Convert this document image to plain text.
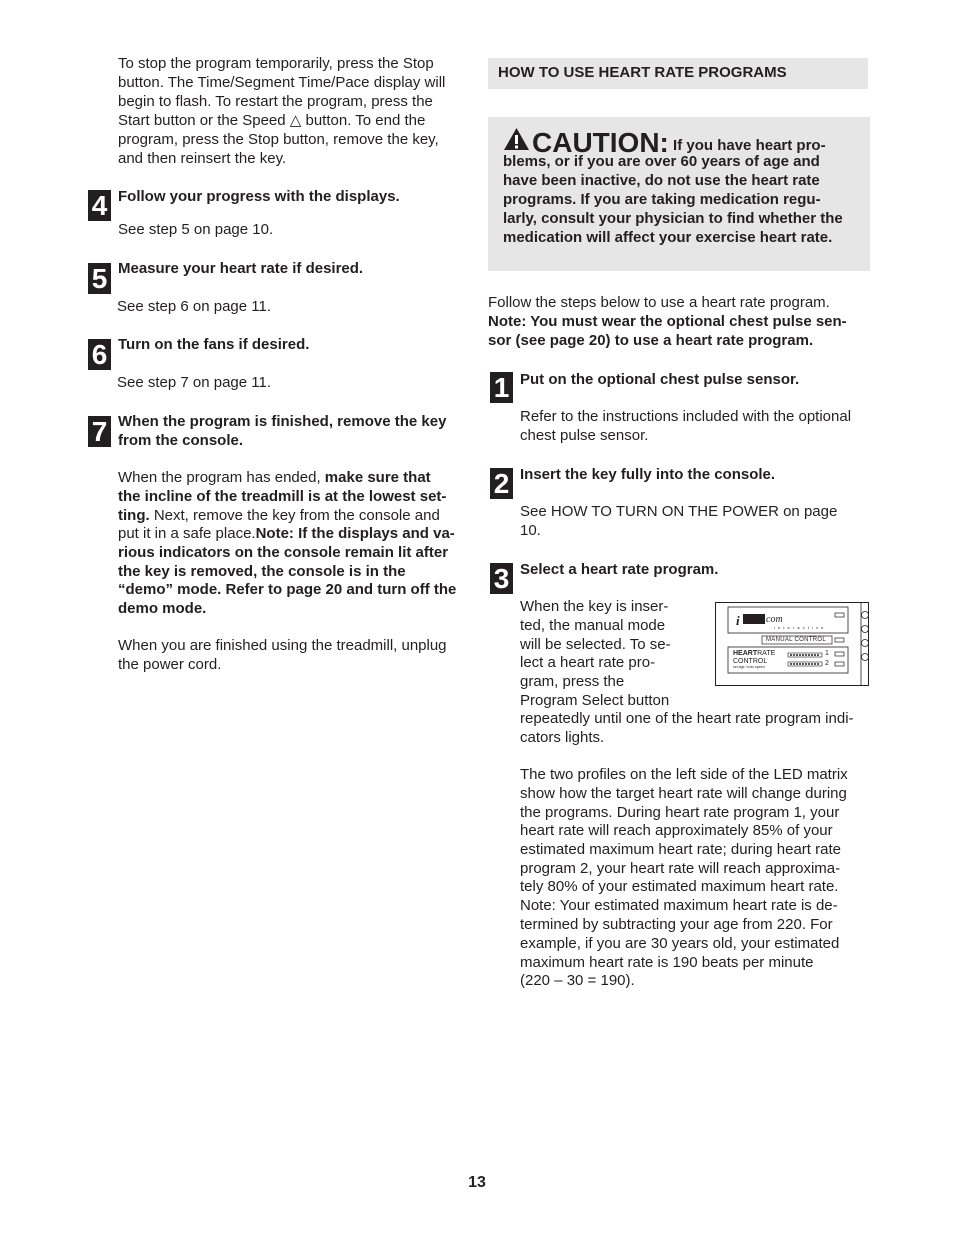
To stop the program temporarily, press the Stop
button. The Time/Segment Time/Pace display will
begin to flash. To restart the program, press the
Start button or the Speed △ button. To end the
program, press the Stop button, remove the key,
and then reinsert the key.
4 Follow your progress with the displays.
See step 5 on page 10.
5 Measure your heart rate if desired.
See step 6 on page 11.
6 Turn on the fans if desired.
See step 7 on page 11.
7 When the program is finished, remove the key
from the console.
When the program has ended, make sure that
the incline of the treadmill is at the lowest set-
ting. Next, remove the key from the console and
put it in a safe place.Note: If the displays and va-
rious indicators on the console remain lit after
the key is removed, the console is in the
“demo” mode. Refer to page 20 and turn off the
demo mode.
When you are finished using the treadmill, unplug
the power cord.
HOW TO USE HEART RATE PROGRAMS
CAUTION: If you have heart pro-
blems, or if you are over 60 years of age and
have been inactive, do not use the heart rate
programs. If you are taking medication regu-
larly, consult your physician to find whether the
medication will affect your exercise heart rate.
Follow the steps below to use a heart rate program.
Note: You must wear the optional chest pulse sen-
sor (see page 20) to use a heart rate program.
1 Put on the optional chest pulse sensor.
Refer to the instructions included with the optional
chest pulse sensor.
2 Insert the key fully into the console.
See HOW TO TURN ON THE POWER on page
10.
3 Select a heart rate program.
When the key is inser-
ted, the manual mode
will be selected. To se-
lect a heart rate pro-
gram, press the
Program Select button
repeatedly until one of the heart rate program indi-
cators lights.
i	com
i n t e r a c t i v e
MANUAL CONTROL
HEARTRATE
CONTROL
set age / max speed
1
2
The two profiles on the left side of the LED matrix
show how the target heart rate will change during
the programs. During heart rate program 1, your
heart rate will reach approximately 85% of your
estimated maximum heart rate; during heart rate
program 2, your heart rate will reach approxima-
tely 80% of your estimated maximum heart rate.
Note: Your estimated maximum heart rate is de-
termined by subtracting your age from 220. For
example, if you are 30 years old, your estimated
maximum heart rate is 190 beats per minute
(220 – 30 = 190).
13
